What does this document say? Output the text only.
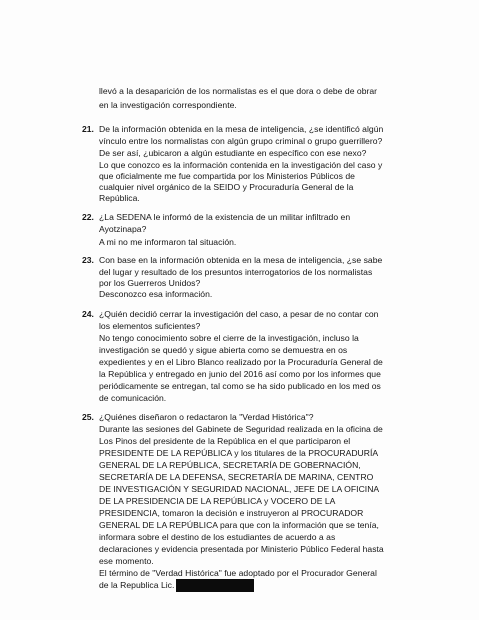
llevó a la desaparición de los normalistas es el que dora o debe de obrar
en la investigación correspondiente.
21. De la información obtenida en la mesa de inteligencia, ¿se identificó algún
vínculo entre los normalistas con algún grupo criminal o grupo guerrillero?
De ser así, ¿ubicaron a algún estudiante en específico con ese nexo?
Lo que conozco es la información contenida en la investigación del caso y
que oficialmente me fue compartida por los Ministerios Públicos de
cualquier nivel orgánico de la SEIDO y Procuraduría General de la
República.
22. ¿La SEDENA le informó de la existencia de un militar infiltrado en
Ayotzinapa?
A mi no me informaron tal situación.
23. Con base en la información obtenida en la mesa de inteligencia, ¿se sabe
del lugar y resultado de los presuntos interrogatorios de los normalistas
por los Guerreros Unidos?
Desconozco esa información.
24. ¿Quién decidió cerrar la investigación del caso, a pesar de no contar con
los elementos suficientes?
No tengo conocimiento sobre el cierre de la investigación, incluso la
investigación se quedó y sigue abierta como se demuestra en os
expedientes y en el Libro Blanco realizado por la Procuraduría General de
la República y entregado en junio del 2016 así como por los informes que
periódicamente se entregan, tal como se ha sido publicado en los med os
de comunicación.
25. ¿Quiénes diseñaron o redactaron la "Verdad Histórica"?
Durante las sesiones del Gabinete de Seguridad realizada en la oficina de
Los Pinos del presidente de la República en el que participaron el
PRESIDENTE DE LA REPÚBLICA y los titulares de la PROCURADURÍA
GENERAL DE LA REPÚBLICA, SECRETARÍA DE GOBERNACIÓN,
SECRETARÍA DE LA DEFENSA, SECRETARÍA DE MARINA, CENTRO
DE INVESTIGACIÓN Y SEGURIDAD NACIONAL, JEFE DE LA OFICINA
DE LA PRESIDENCIA DE LA REPÚBLICA y VOCERO DE LA
PRESIDENCIA, tomaron la decisión e instruyeron al PROCURADOR
GENERAL DE LA REPÚBLICA para que con la información que se tenía,
informara sobre el destino de los estudiantes de acuerdo a as
declaraciones y evidencia presentada por Ministerio Público Federal hasta
ese momento.
El término de "Verdad Histórica" fue adoptado por el Procurador General
de la Republica Lic.
